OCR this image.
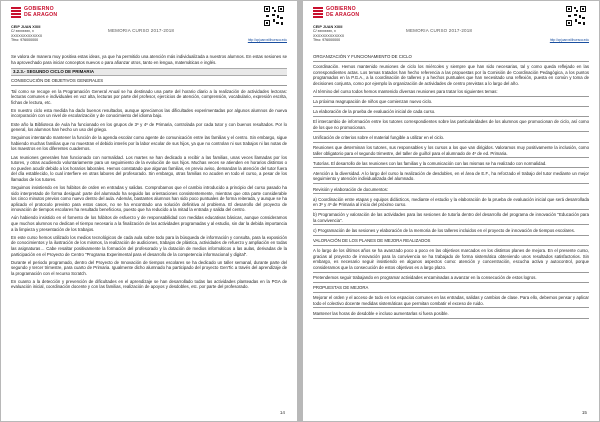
GOBIERNO
DE ARAGON
CEIP JUAN XXIII
C/ xxxxxxxx, x
XXXXXXXXXXXXX
Tfno: 976000000
MEMORIA CURSO 2017-2018
http://cpjuanxxiiihuesca.edu

Se valora de manera muy positiva estas ideas, ya que ha permitido una atención más individualizada a nuestros alumnos. En estas sesiones se ha aprovechado para iniciar conceptos nuevos o para afianzar otros, tanto en lengua, matemáticas e inglés.

3.2.3.- SEGUNDO CICLO DE PRIMARIA

CONSECUCIÓN DE OBJETIVOS GENERALES

Tal como se recoge en la Programación General Anual se ha destinado una parte del horario diario a la realización de actividades lectoras: lecturas comunes e individuales en voz alta, lecturas por parte del profesor, ejercicios de atención, comprensión, vocabulario, expresión escrita, fichas de lectura, etc.

En nuestro ciclo esta medida ha dado buenos resultados, aunque apreciamos las dificultades experimentadas por algunos alumnos de nueva incorporación con un nivel de escolarización y de conocimiento del idioma bajo.

Este año la Biblioteca de Aula ha funcionado en los grupos de 3º y 4º de Primaria, controlada por cada tutor y con buenos resultados. Por lo general, los alumnos han hecho un uso del griego.

Seguimos intentando mantener la función de la agenda escolar como agente de comunicación entre las familias y el centro. Sin embargo, sigue habiendo muchas familias que no muestran el debido interés por la labor escolar de sus hijos, ya que no controlan ni sus trabajos ni las notas de los maestros en los diferentes cuadernos.

Las reuniones generales han funcionado con normalidad. Los martes se han dedicado a recibir a las familias, unas veces llamadas por los tutores, y otras acudiendo voluntariamente para un seguimiento de la evolución de sus hijos. Muchas veces se atienden en horarios distintos o no pueden acudir debido a los horarios laborales. Hemos constatado que algunas familias, en previo aviso, demandan la atención del tutor fuera del día establecido, lo cual interfiere en otras labores del profesorado. Sin embargo, otras familias no acuden en todo el curso, a pesar de los llamados de los tutores.

Seguimos insistiendo en los hábitos de orden en entradas y salidas. Comprobamos que el cambio introducido a principio del curso pasado ha sido interpretado de forma desigual: parte del alumnado ha seguido las orientaciones consistentemente, mientras que otra parte considerable los cinco minutos previos como nuevo dentro del aula. Además, bastantes alumnos han sido poco puntuales de forma reiterada, y aunque se ha aplicado el protocolo previsto para estos casos, no se ha encontrado una solución definitiva al problema. El desarrollo del proyecto de innovación de tiempos escolares ha resultado beneficioso, puesto que ha reducido a la mitad la entrada y salida del centro.

Aún habiendo insistido en el fomento de los hábitos de esfuerzo y de responsabilidad con medidas educativas básicas, aunque consideramos que muchos alumnos no dedican el tiempo necesario a la finalización de las actividades programadas y al estudio, sin dar la debida importancia a la limpieza y presentación de los trabajos.

En este curso hemos utilizado los medios tecnológicos de cada aula sobre todo para la búsqueda de información y consulta, para la exposición de conocimientos y la ilustración de los mismos, la realización de audiciones, trabajos de plástica, actividades de refuerzo y ampliación en todas las asignaturas… Cabe resaltar positivamente la formación del profesorado y la dotación de medios informáticos a las aulas, derivadas de la participación en el Proyecto de Centro "Programa Experimental para el desarrollo de la competencia informacional y digital".

Durante el periodo programado, dentro del Proyecto de Innovación de tiempos escolares se ha dedicado un taller semanal, durante parte del segundo y tercer trimestre, para cuarto de Primaria. Igualmente dicho alumnado ha participado del proyecto GenTic a través del aprendizaje de la programación con el recurso Scratch.

En cuanto a la detección y prevención de dificultades en el aprendizaje se han desarrollado todas las actividades planteadas en la PGA de evaluación inicial, coordinación docente y con las familias, realización de apoyos y desdobles, etc. por parte del profesorado.

14
GOBIERNO
DE ARAGON
CEIP JUAN XXIII
C/ xxxxxxxx, x
XXXXXXXXXXXXX
Tfno: 976000000
MEMORIA CURSO 2017-2018
http://cpjuanxxiiihuesca.edu

ORGANIZACIÓN Y FUNCIONAMIENTO DE CICLO

Coordinación. Hemos mantenido reuniones de ciclo los miércoles y siempre que han sido necesarias, tal y como queda reflejado en las correspondientes actas. Los temas tratados han hecho referencia a las propuestas por la Comisión de Coordinación Pedagógica, a los puntos programados en la P.G.A., a la coordinación de talleres y a hechos puntuales que han necesitado una reflexión, puesta en común y toma de decisiones conjunta, como por ejemplo la organización de actividades de centro previstas a lo largo del año.

Al término del curso todos hemos mantenido diversas reuniones para tratar los siguientes temas:

La próxima reagrupación de niños que comienzan nuevo ciclo.

La elaboración de la prueba de evaluación inicial de cada curso.

El intercambio de información entre los tutores correspondientes sobre las particularidades de los alumnos que promocionan de ciclo, así como de los que no promocionan.

Unificación de criterios sobre el material fungible a utilizar en el ciclo.

Reuniones que determinan los tutores, sus responsables y los cursos a los que van dirigidos. Valoramos muy positivamente la inclusión, como taller obligatorio para el segundo trimestre, del taller de guiñol para el alumnado de 4º de ed. Primaria.

Tutorías. El desarrollo de las reuniones con las familias y la comunicación con las mismas se ha realizado con normalidad.

Atención a la diversidad. A lo largo del curso la realización de desdobles, en el área de E.F., ha reforzado el trabajo del tutor mediante un mejor seguimiento y atención individualizada del alumnado.

Revisión y elaboración de documentos:

a) Coordinación entre etapas y equipos didácticos, mediante el estudio y la elaboración de la prueba de evaluación inicial que será desarrollada en 3º y 4º de Primaria al inicio del próximo curso.

b) Programación y valoración de las actividades para las sesiones de tutoría dentro del desarrollo del programa de innovación "Educación para la convivencia".

c) Programación de las sesiones y elaboración de la memoria de los talleres incluidos en el proyecto de innovación de tiempos escolares.

VALORACIÓN DE LOS PLANES DE MEJORA REALIZADOS

A lo largo de los últimos años se ha avanzado poco a poco en las objetivos marcados en los distintos planes de mejora. En el presente curso, gracias al proyecto de innovación para la convivencia se ha trabajado de forma sistemática obteniendo unos resultados satisfactorios. Sin embargo, es necesario seguir insistiendo en algunos aspectos como: atención y concentración, escucha activa y autocontrol, porque consideramos que la consecución de estos objetivos es a largo plazo.

Pretendemos seguir trabajando en programar actividades encaminadas a avanzar en la consecución de estos logros.

PROPUESTAS DE MEJORA

Mejorar el orden y el acceso de todo en los espacios comunes en las entradas, salidas y cambios de clase. Para ello, debemos pensar y aplicar todo el colectivo docente medidas sistemáticas que permitan combatir el exceso de ruido.

Mantener las horas de desdoble e incluso aumentarlas si fuera posible.

15
